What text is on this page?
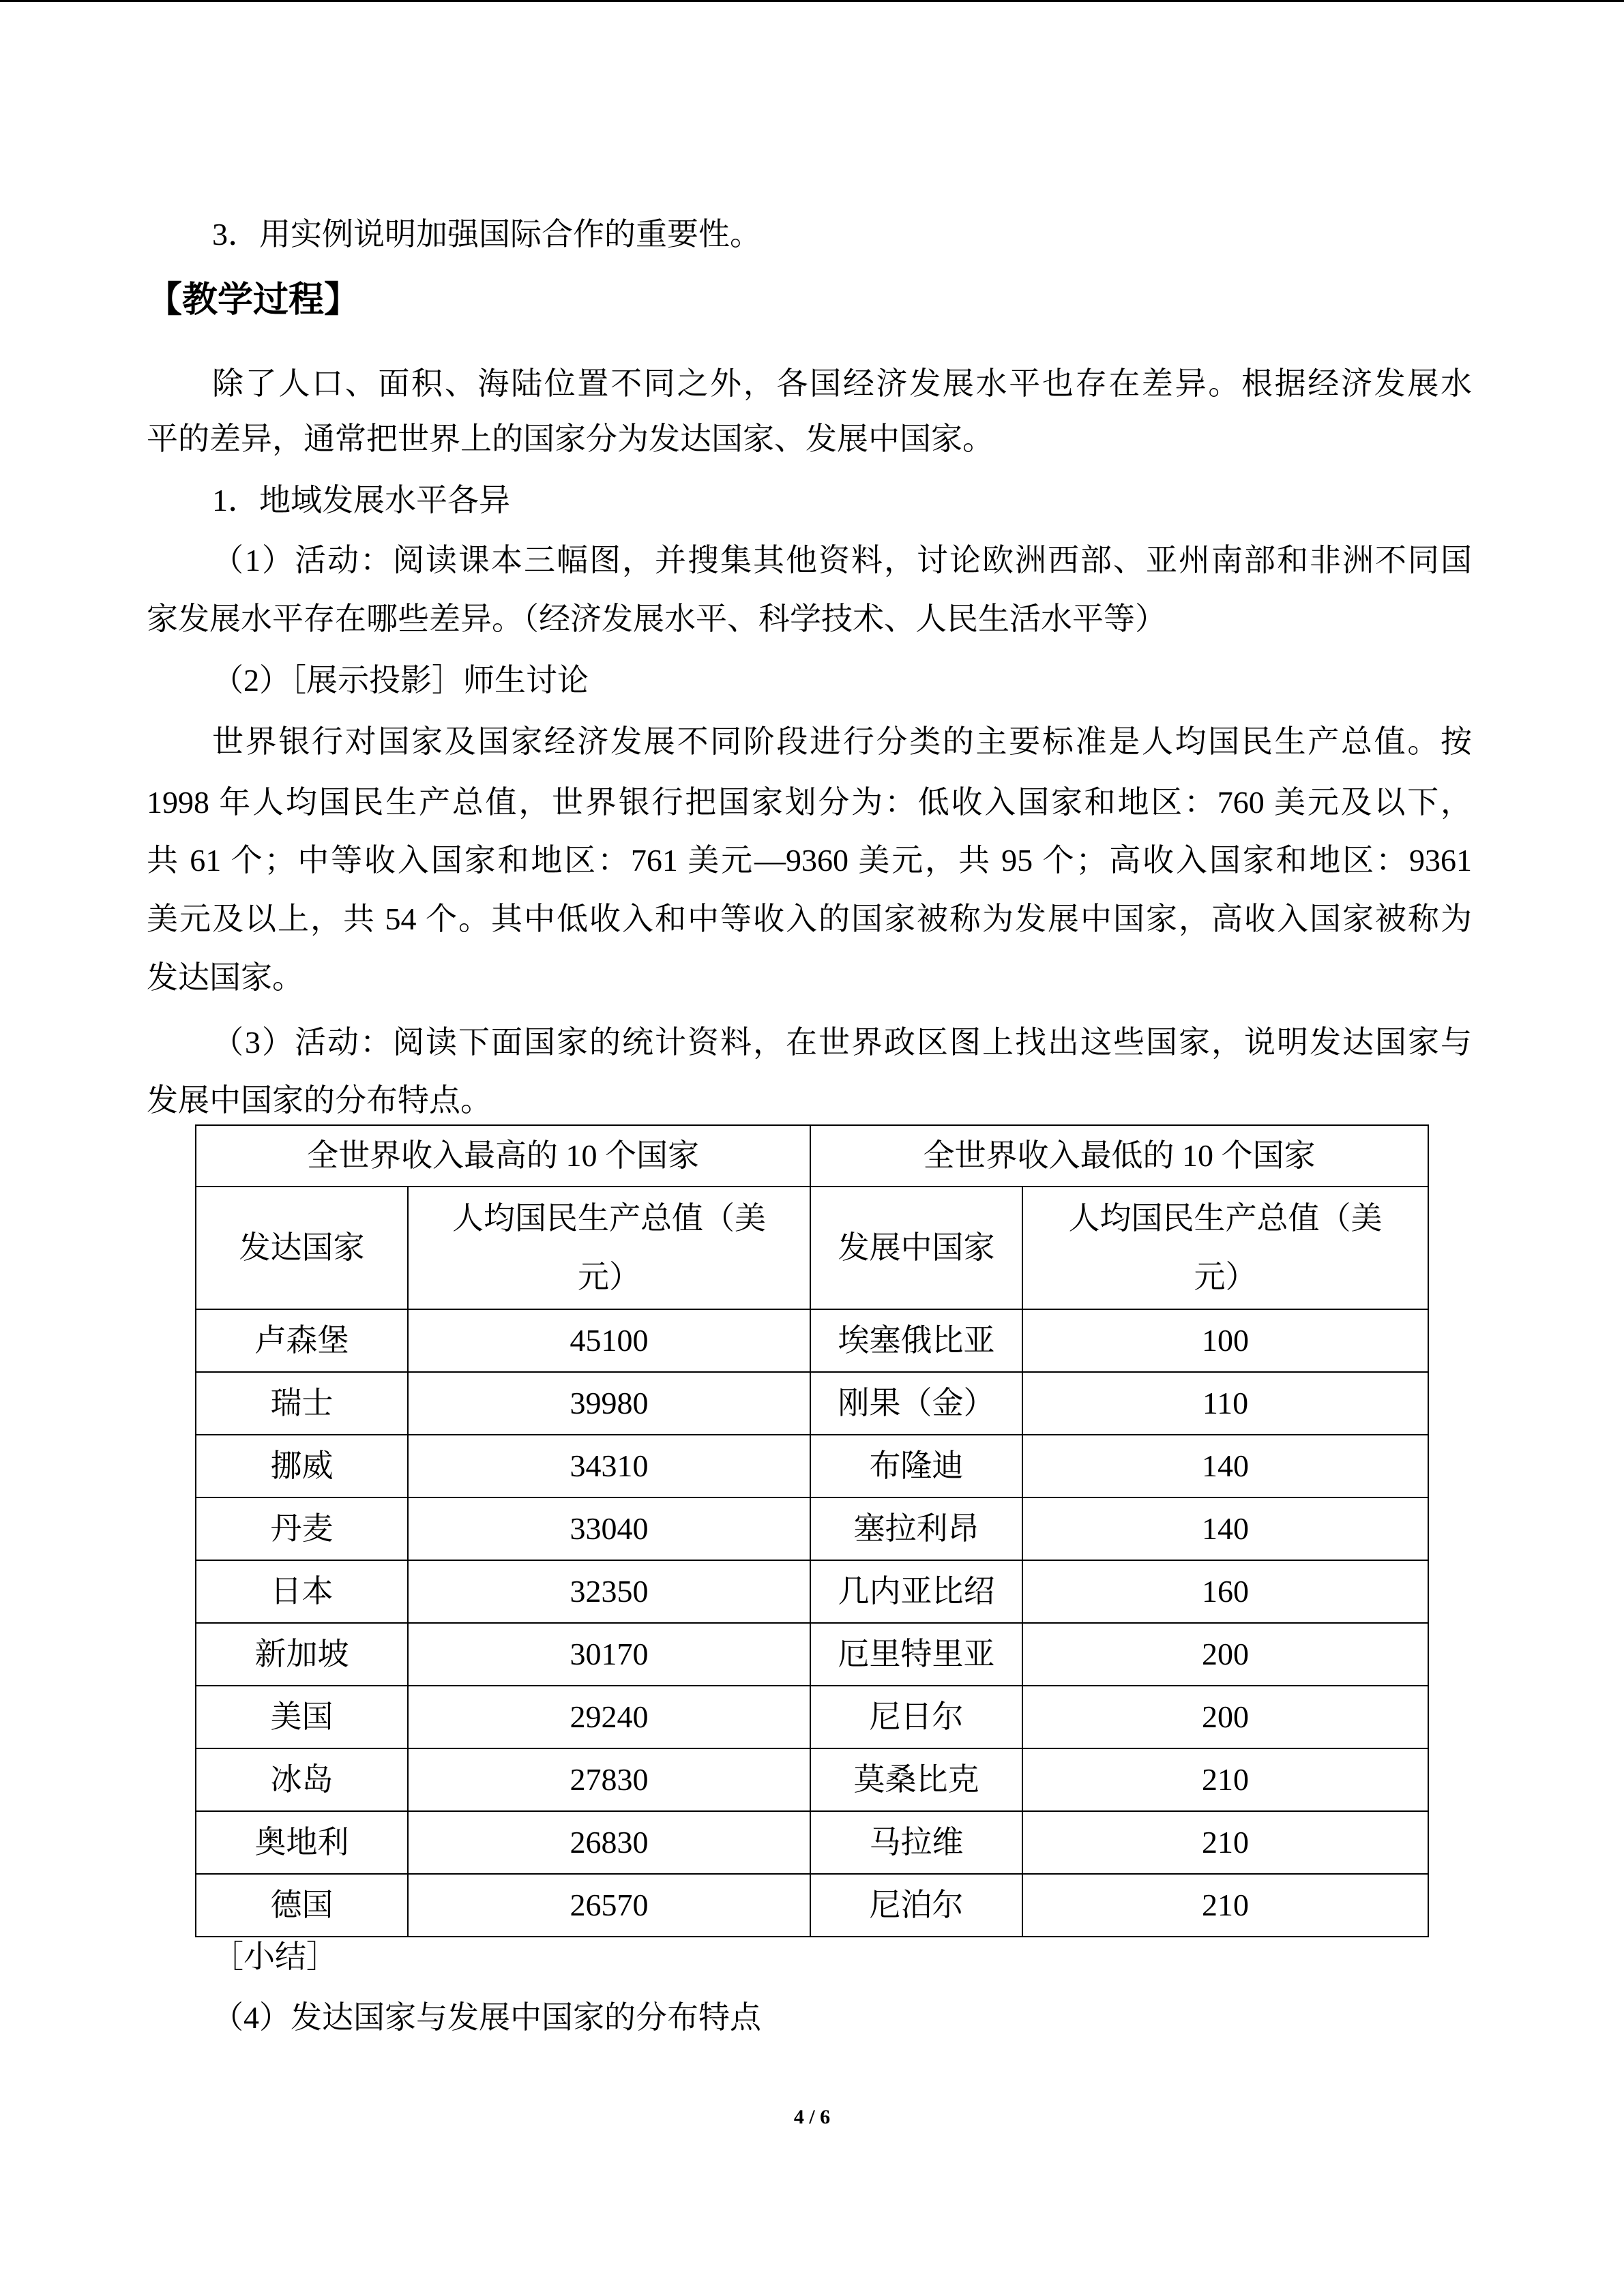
3．用实例说明加强国际合作的重要性。
【教学过程】
除了人口、面积、海陆位置不同之外，各国经济发展水平也存在差异。根据经济发展水
平的差异，通常把世界上的国家分为发达国家、发展中国家。
1．地域发展水平各异
（1）活动：阅读课本三幅图，并搜集其他资料，讨论欧洲西部、亚州南部和非洲不同国
家发展水平存在哪些差异。（经济发展水平、科学技术、人民生活水平等）
（2）［展示投影］师生讨论
世界银行对国家及国家经济发展不同阶段进行分类的主要标准是人均国民生产总值。按
1998 年人均国民生产总值，世界银行把国家划分为：低收入国家和地区：760 美元及以下，
共 61 个；中等收入国家和地区：761 美元—9360 美元，共 95 个；高收入国家和地区：9361
美元及以上，共 54 个。其中低收入和中等收入的国家被称为发展中国家，高收入国家被称为
发达国家。
（3）活动：阅读下面国家的统计资料，在世界政区图上找出这些国家，说明发达国家与
发展中国家的分布特点。
全世界收入最高的 10 个国家		全世界收入最低的 10 个国家	
发达国家	人均国民生产总值（美元）	发展中国家	人均国民生产总值（美元）
卢森堡	45100	埃塞俄比亚	100
瑞士	39980	刚果（金）	110
挪威	34310	布隆迪	140
丹麦	33040	塞拉利昂	140
日本	32350	几内亚比绍	160
新加坡	30170	厄里特里亚	200
美国	29240	尼日尔	200
冰岛	27830	莫桑比克	210
奥地利	26830	马拉维	210
德国	26570	尼泊尔	210
［小结］
（4）发达国家与发展中国家的分布特点
4 / 6
